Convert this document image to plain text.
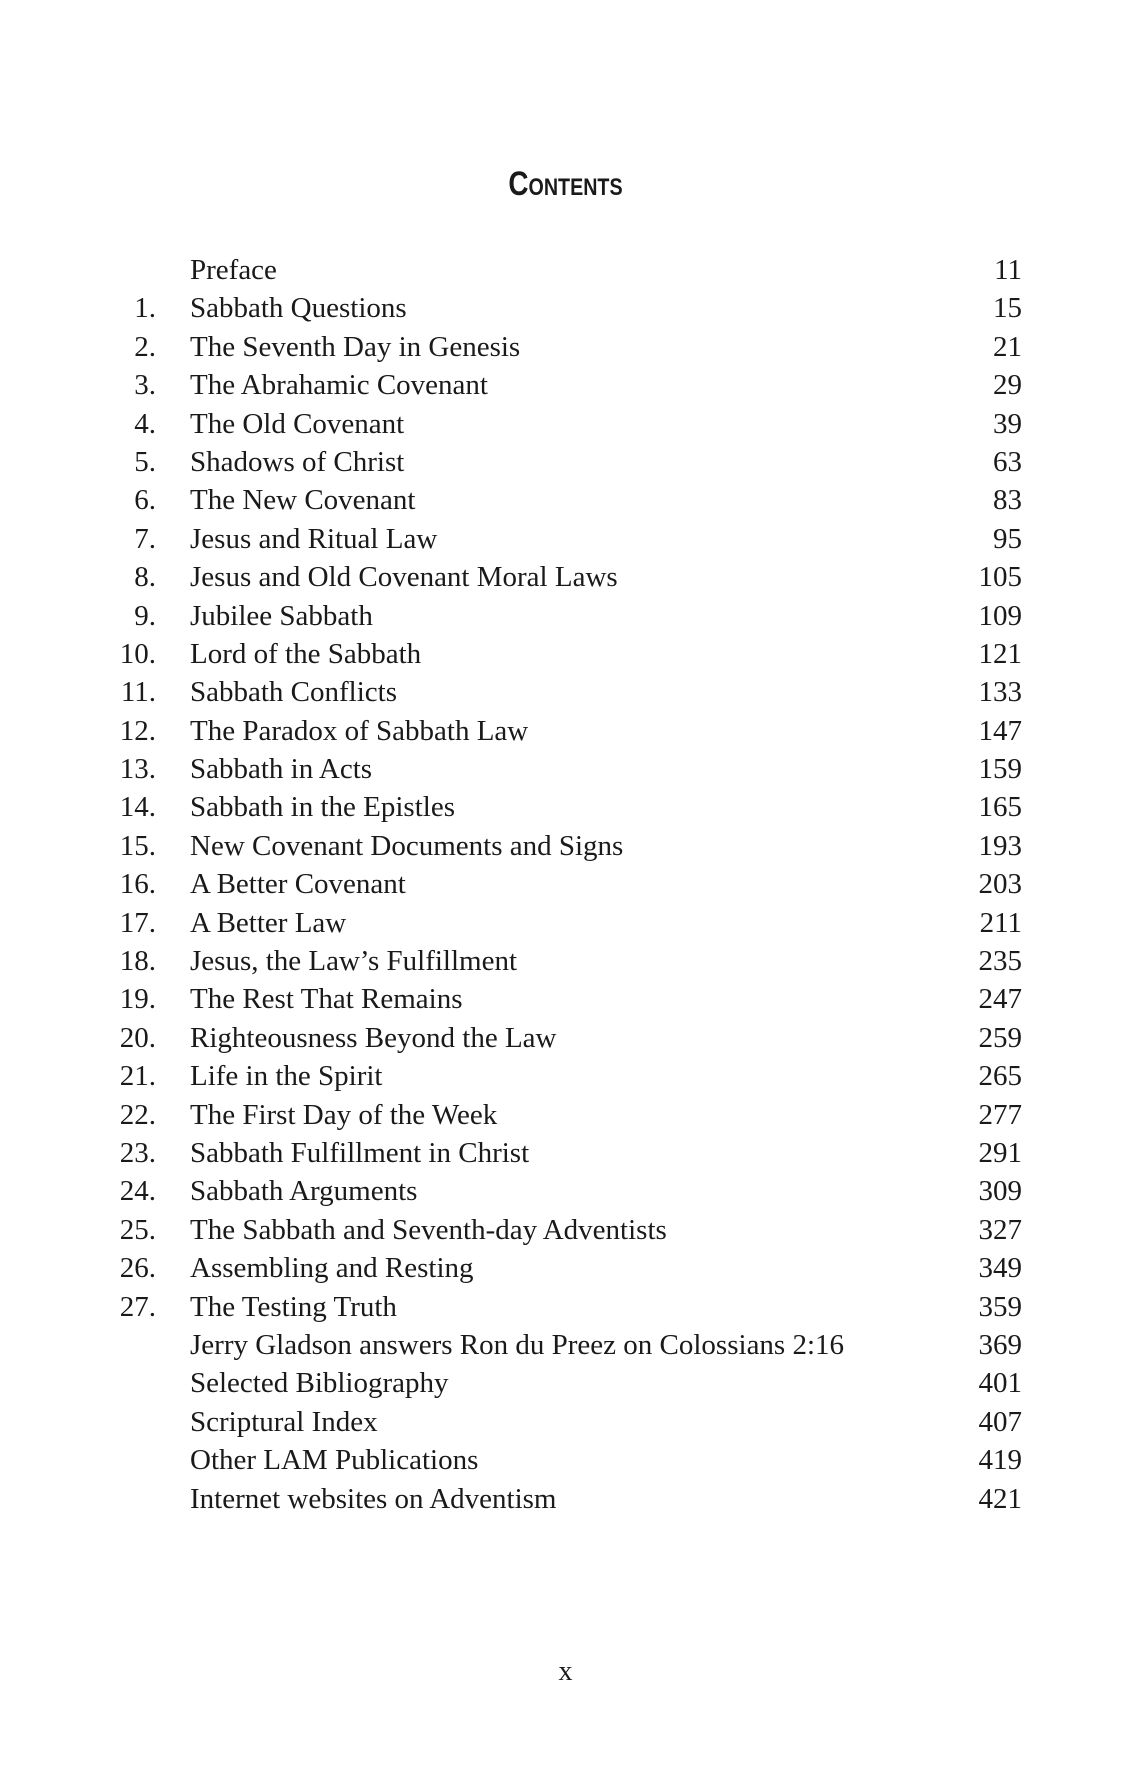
Contents
Preface	11
1. Sabbath Questions	15
2. The Seventh Day in Genesis	21
3. The Abrahamic Covenant	29
4. The Old Covenant	39
5. Shadows of Christ	63
6. The New Covenant	83
7. Jesus and Ritual Law	95
8. Jesus and Old Covenant Moral Laws	105
9. Jubilee Sabbath	109
10. Lord of the Sabbath	121
11. Sabbath Conflicts	133
12. The Paradox of Sabbath Law	147
13. Sabbath in Acts	159
14. Sabbath in the Epistles	165
15. New Covenant Documents and Signs	193
16. A Better Covenant	203
17. A Better Law	211
18. Jesus, the Law’s Fulfillment	235
19. The Rest That Remains	247
20. Righteousness Beyond the Law	259
21. Life in the Spirit	265
22. The First Day of the Week	277
23. Sabbath Fulfillment in Christ	291
24. Sabbath Arguments	309
25. The Sabbath and Seventh-day Adventists	327
26. Assembling and Resting	349
27. The Testing Truth	359
Jerry Gladson answers Ron du Preez on Colossians 2:16	369
Selected Bibliography	401
Scriptural Index	407
Other LAM Publications	419
Internet websites on Adventism	421
x
